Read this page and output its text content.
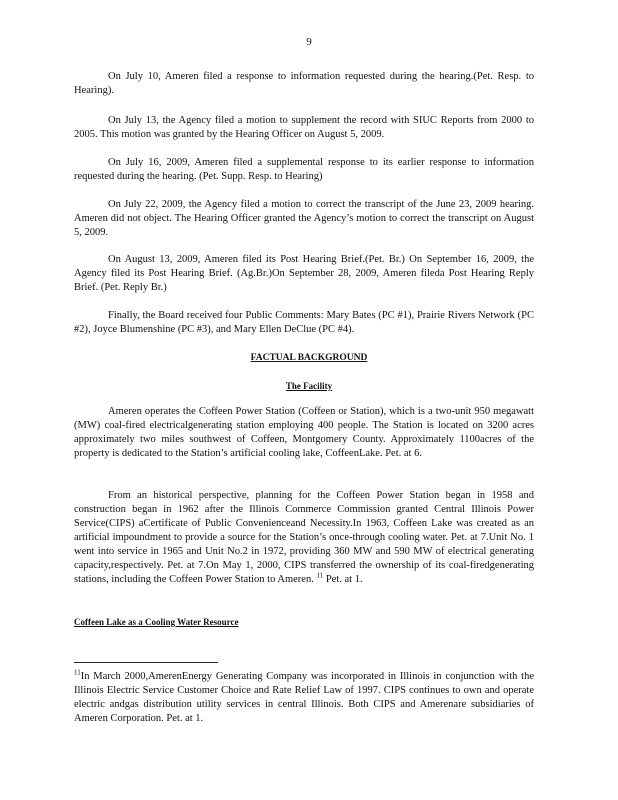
9

On July 10, Ameren filed a response to information requested during the hearing.(Pet. Resp. to Hearing).

On July 13, the Agency filed a motion to supplement the record with SIUC Reports from 2000 to 2005. This motion was granted by the Hearing Officer on August 5, 2009.

On July 16, 2009, Ameren filed a supplemental response to its earlier response to information requested during the hearing. (Pet. Supp. Resp. to Hearing)

On July 22, 2009, the Agency filed a motion to correct the transcript of the June 23, 2009 hearing. Ameren did not object. The Hearing Officer granted the Agency’s motion to correct the transcript on August 5, 2009.

On August 13, 2009, Ameren filed its Post Hearing Brief.(Pet. Br.) On September 16, 2009, the Agency filed its Post Hearing Brief. (Ag.Br.)On September 28, 2009, Ameren fileda Post Hearing Reply Brief. (Pet. Reply Br.)

Finally, the Board received four Public Comments: Mary Bates (PC #1), Prairie Rivers Network (PC #2), Joyce Blumenshine (PC #3), and Mary Ellen DeClue (PC #4).

FACTUAL BACKGROUND

The Facility

Ameren operates the Coffeen Power Station (Coffeen or Station), which is a two-unit 950 megawatt (MW) coal-fired electricalgenerating station employing 400 people. The Station is located on 3200 acres approximately two miles southwest of Coffeen, Montgomery County. Approximately 1100acres of the property is dedicated to the Station’s artificial cooling lake, CoffeenLake. Pet. at 6.

From an historical perspective, planning for the Coffeen Power Station began in 1958 and construction began in 1962 after the Illinois Commerce Commission granted Central Illinois Power Service(CIPS) aCertificate of Public Convenienceand Necessity.In 1963, Coffeen Lake was created as an artificial impoundment to provide a source for the Station’s once-through cooling water. Pet. at 7.Unit No. 1 went into service in 1965 and Unit No.2 in 1972, providing 360 MW and 590 MW of electrical generating capacity,respectively. Pet. at 7.On May 1, 2000, CIPS transferred the ownership of its coal-firedgenerating stations, including the Coffeen Power Station to Ameren. $^{11}$ Pet. at 1.

Coffeen Lake as a Cooling Water Resource

$^{11}$In March 2000,AmerenEnergy Generating Company was incorporated in Illinois in conjunction with the Illinois Electric Service Customer Choice and Rate Relief Law of 1997. CIPS continues to own and operate electric andgas distribution utility services in central Illinois. Both CIPS and Amerenare subsidiaries of Ameren Corporation. Pet. at 1.
